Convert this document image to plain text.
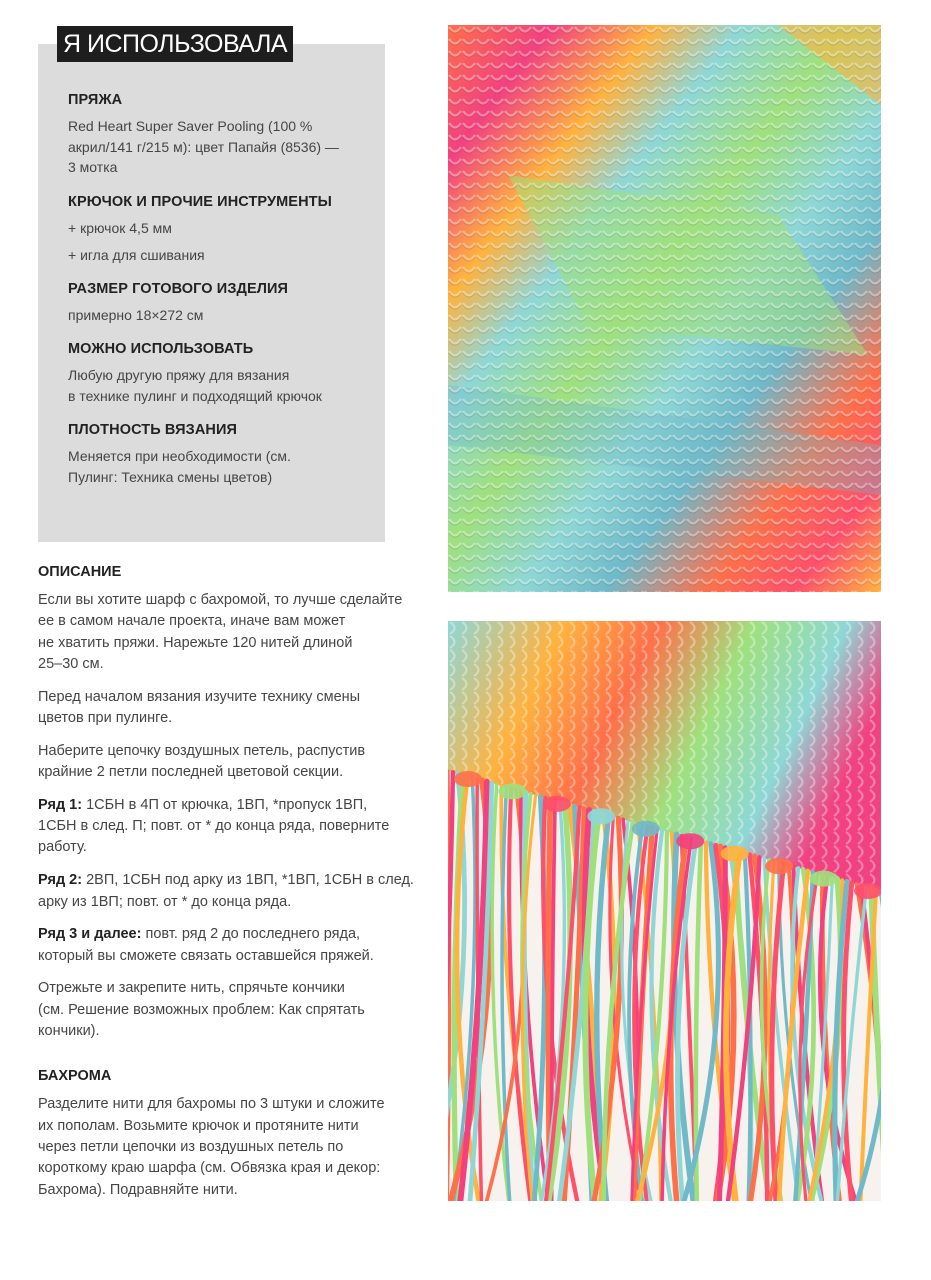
Я ИСПОЛЬЗОВАЛА
ПРЯЖА
Red Heart Super Saver Pooling (100 %
акрил/141 г/215 м): цвет Папайя (8536) —
3 мотка
КРЮЧОК И ПРОЧИЕ ИНСТРУМЕНТЫ
+ крючок 4,5 мм
+ игла для сшивания
РАЗМЕР ГОТОВОГО ИЗДЕЛИЯ
примерно 18×272 см
МОЖНО ИСПОЛЬЗОВАТЬ
Любую другую пряжу для вязания
в технике пулинг и подходящий крючок
ПЛОТНОСТЬ ВЯЗАНИЯ
Меняется при необходимости (см.
Пулинг: Техника смены цветов)
ОПИСАНИЕ
Если вы хотите шарф с бахромой, то лучше сделайте
ее в самом начале проекта, иначе вам может
не хватить пряжи. Нарежьте 120 нитей длиной
25–30 см.
Перед началом вязания изучите технику смены
цветов при пулинге.
Наберите цепочку воздушных петель, распустив
крайние 2 петли последней цветовой секции.
Ряд 1: 1СБН в 4П от крючка, 1ВП, *пропуск 1ВП,
1СБН в след. П; повт. от * до конца ряда, поверните
работу.
Ряд 2: 2ВП, 1СБН под арку из 1ВП, *1ВП, 1СБН в след.
арку из 1ВП; повт. от * до конца ряда.
Ряд 3 и далее: повт. ряд 2 до последнего ряда,
который вы сможете связать оставшейся пряжей.
Отрежьте и закрепите нить, спрячьте кончики
(см. Решение возможных проблем: Как спрятать
кончики).
БАХРОМА
Разделите нити для бахромы по 3 штуки и сложите
их пополам. Возьмите крючок и протяните нити
через петли цепочки из воздушных петель по
короткому краю шарфа (см. Обвязка края и декор:
Бахрома). Подравняйте нити.
